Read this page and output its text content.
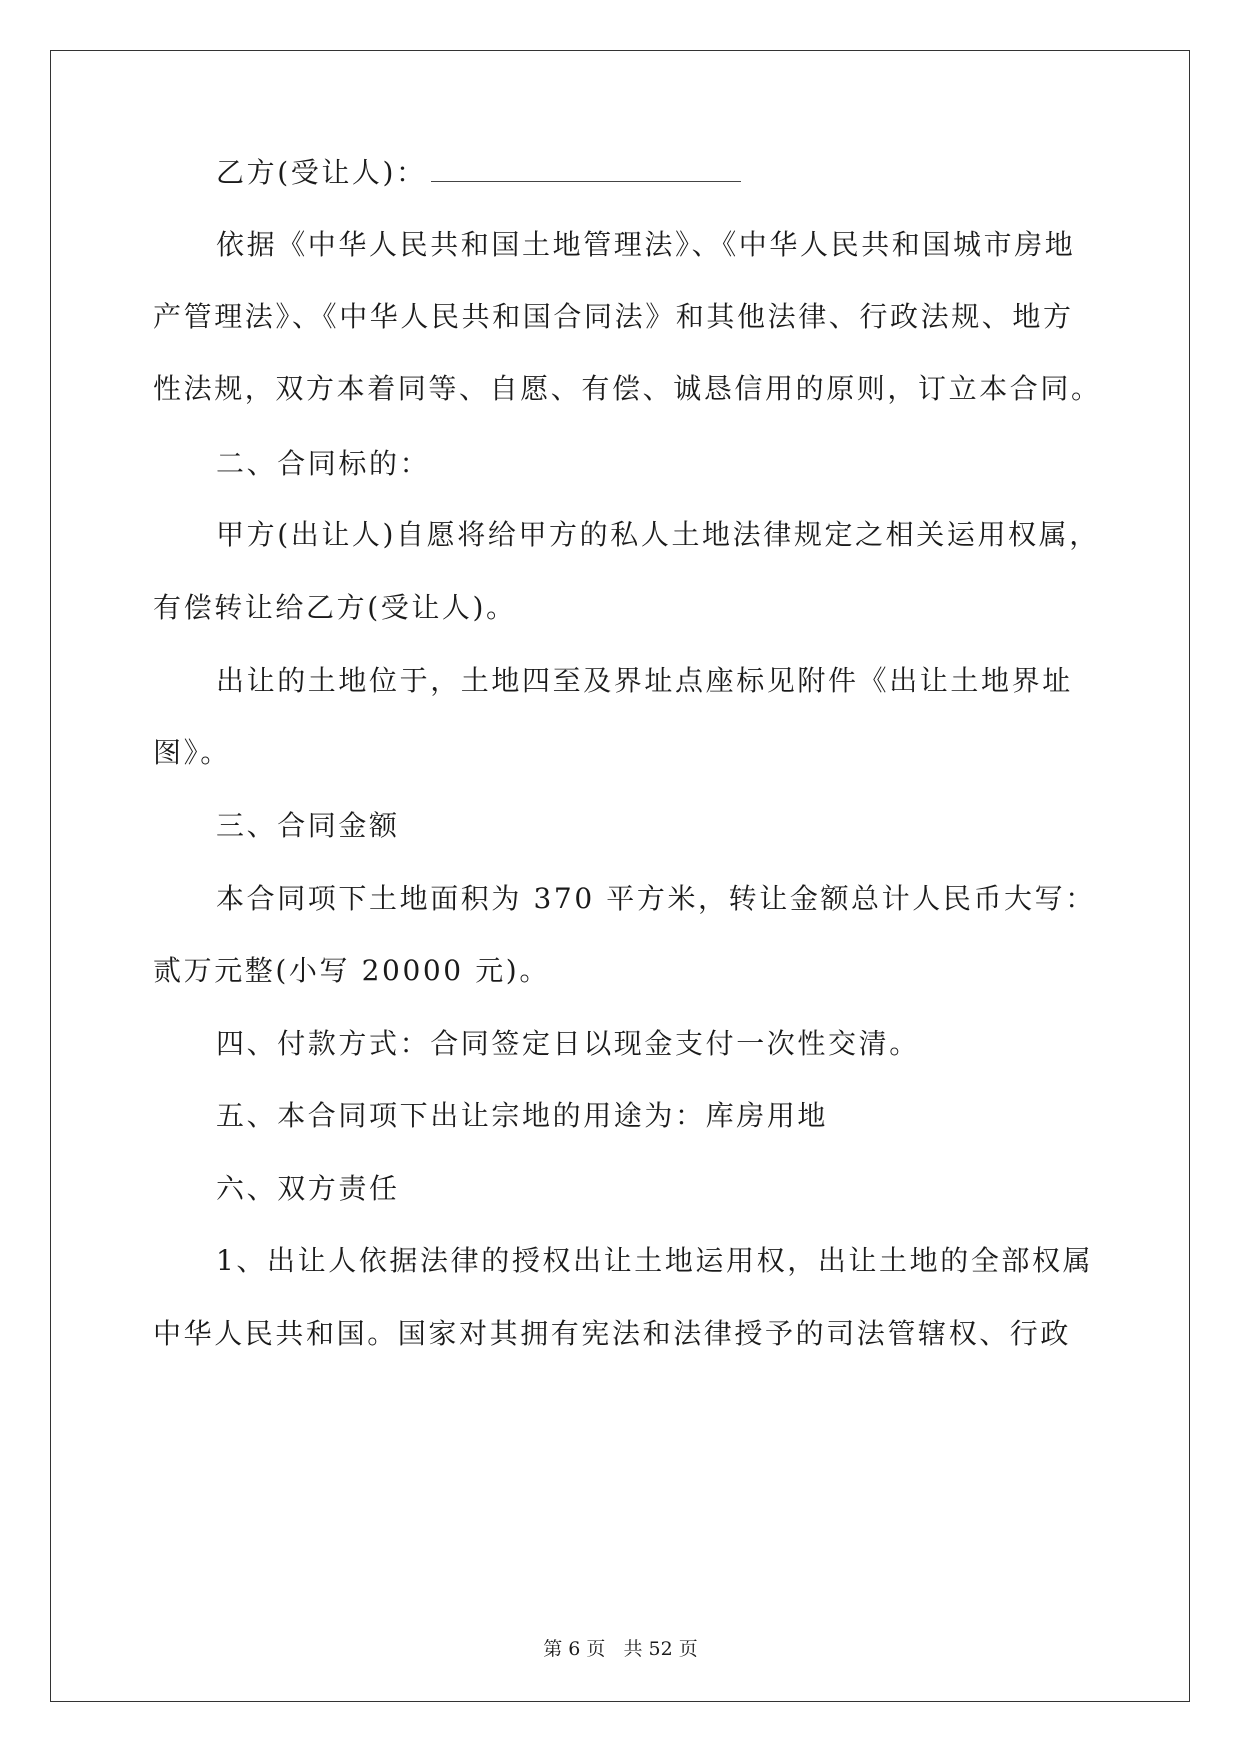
乙方(受让人)：
依据《中华人民共和国土地管理法》、《中华人民共和国城市房地
产管理法》、《中华人民共和国合同法》和其他法律、行政法规、地方
性法规，双方本着同等、自愿、有偿、诚恳信用的原则，订立本合同。
二、合同标的：
甲方(出让人)自愿将给甲方的私人土地法律规定之相关运用权属，
有偿转让给乙方(受让人)。
出让的土地位于，土地四至及界址点座标见附件《出让土地界址
图》。
三、合同金额
本合同项下土地面积为 370 平方米，转让金额总计人民币大写：
贰万元整(小写 20000 元)。
四、付款方式：合同签定日以现金支付一次性交清。
五、本合同项下出让宗地的用途为：库房用地
六、双方责任
1、出让人依据法律的授权出让土地运用权，出让土地的全部权属
中华人民共和国。国家对其拥有宪法和法律授予的司法管辖权、行政
第 6 页 共 52 页
